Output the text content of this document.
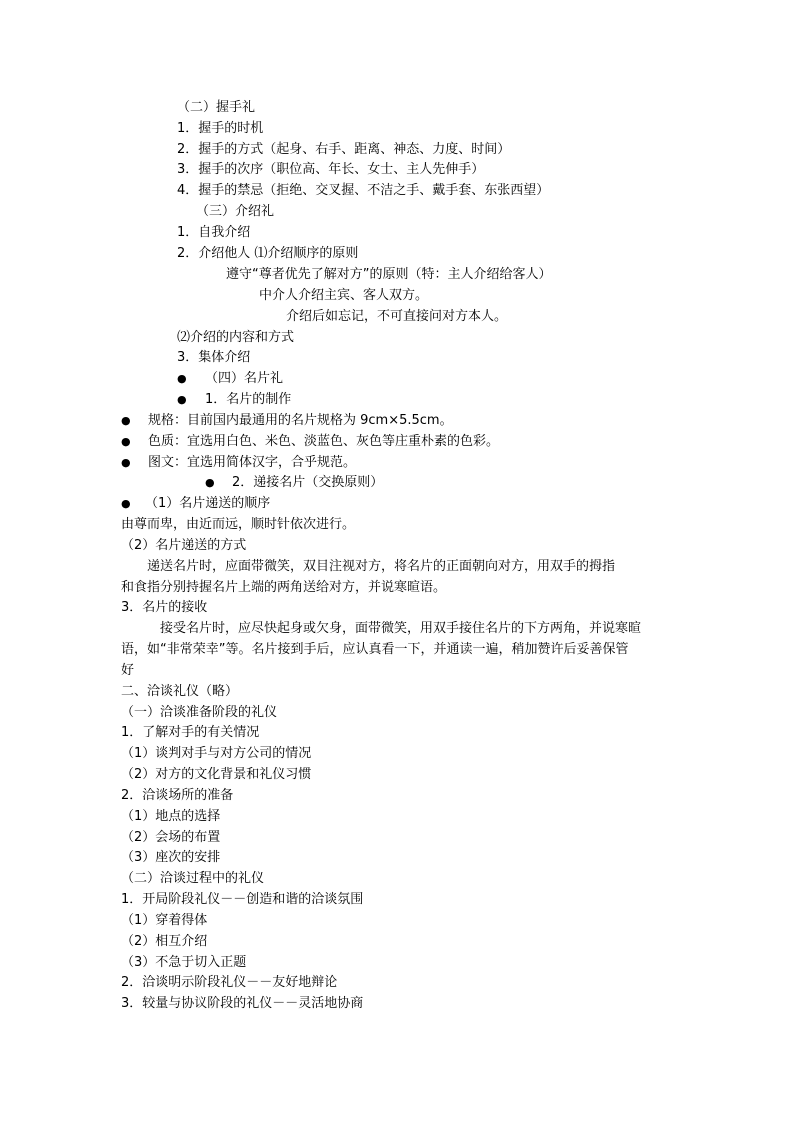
（二）握手礼
1．握手的时机
2．握手的方式（起身、右手、距离、神态、力度、时间）
3．握手的次序（职位高、年长、女士、主人先伸手）
4．握手的禁忌（拒绝、交叉握、不洁之手、戴手套、东张西望）
（三）介绍礼
1．自我介绍
2．介绍他人 ⑴介绍顺序的原则
遵守“尊者优先了解对方”的原则（特：主人介绍给客人）
中介人介绍主宾、客人双方。
介绍后如忘记，不可直接问对方本人。
⑵介绍的内容和方式
3．集体介绍
● （四）名片礼
● 1．名片的制作
● 规格：目前国内最通用的名片规格为 9cm×5.5cm。
● 色质：宜选用白色、米色、淡蓝色、灰色等庄重朴素的色彩。
● 图文：宜选用简体汉字，合乎规范。
● 2．递接名片（交换原则）
● （1）名片递送的顺序
由尊而卑，由近而远，顺时针依次进行。
（2）名片递送的方式
递送名片时，应面带微笑，双目注视对方，将名片的正面朝向对方，用双手的拇指
和食指分别持握名片上端的两角送给对方，并说寒暄语。
3．名片的接收
接受名片时，应尽快起身或欠身，面带微笑，用双手接住名片的下方两角，并说寒暄
语，如“非常荣幸”等。名片接到手后，应认真看一下，并通读一遍，稍加赞许后妥善保管
好
二、洽谈礼仪（略）
（一）洽谈准备阶段的礼仪
1．了解对手的有关情况
（1）谈判对手与对方公司的情况
（2）对方的文化背景和礼仪习惯
2．洽谈场所的准备
（1）地点的选择
（2）会场的布置
（3）座次的安排
（二）洽谈过程中的礼仪
1．开局阶段礼仪－－创造和谐的洽谈氛围
（1）穿着得体
（2）相互介绍
（3）不急于切入正题
2．洽谈明示阶段礼仪－－友好地辩论
3．较量与协议阶段的礼仪－－灵活地协商
